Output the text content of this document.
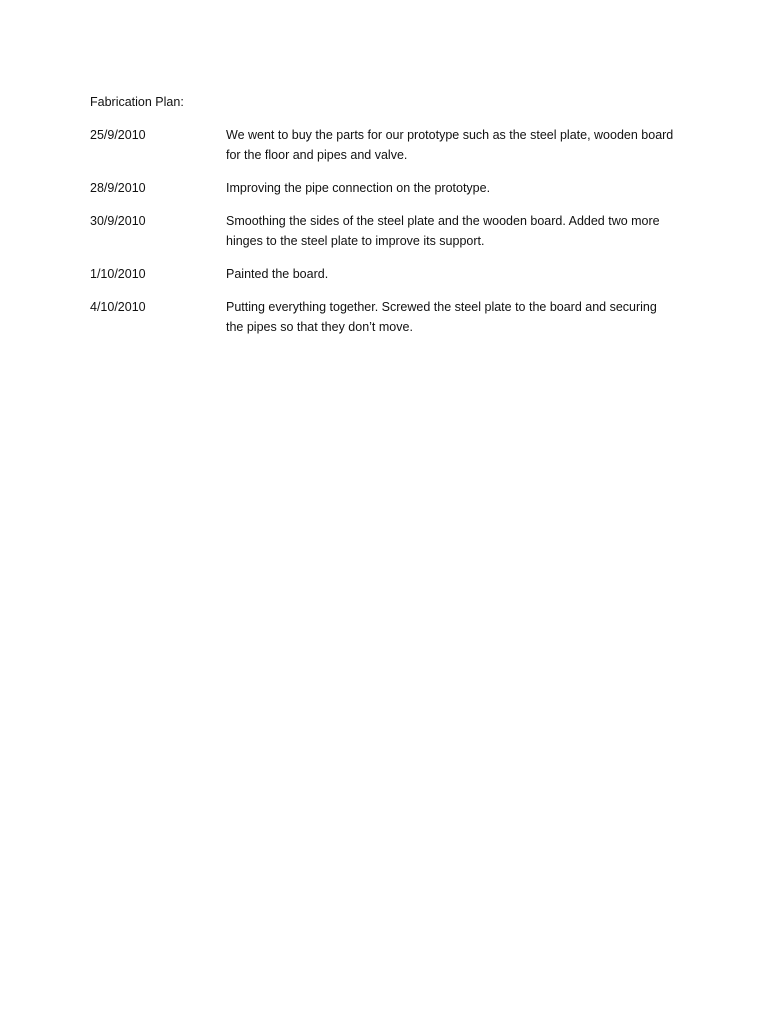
Fabrication Plan:
25/9/2010	We went to buy the parts for our prototype such as the steel plate, wooden board for the floor and pipes and valve.
28/9/2010	Improving the pipe connection on the prototype.
30/9/2010	Smoothing the sides of the steel plate and the wooden board. Added two more hinges to the steel plate to improve its support.
1/10/2010	Painted the board.
4/10/2010	Putting everything together. Screwed the steel plate to the board and securing the pipes so that they don’t move.
